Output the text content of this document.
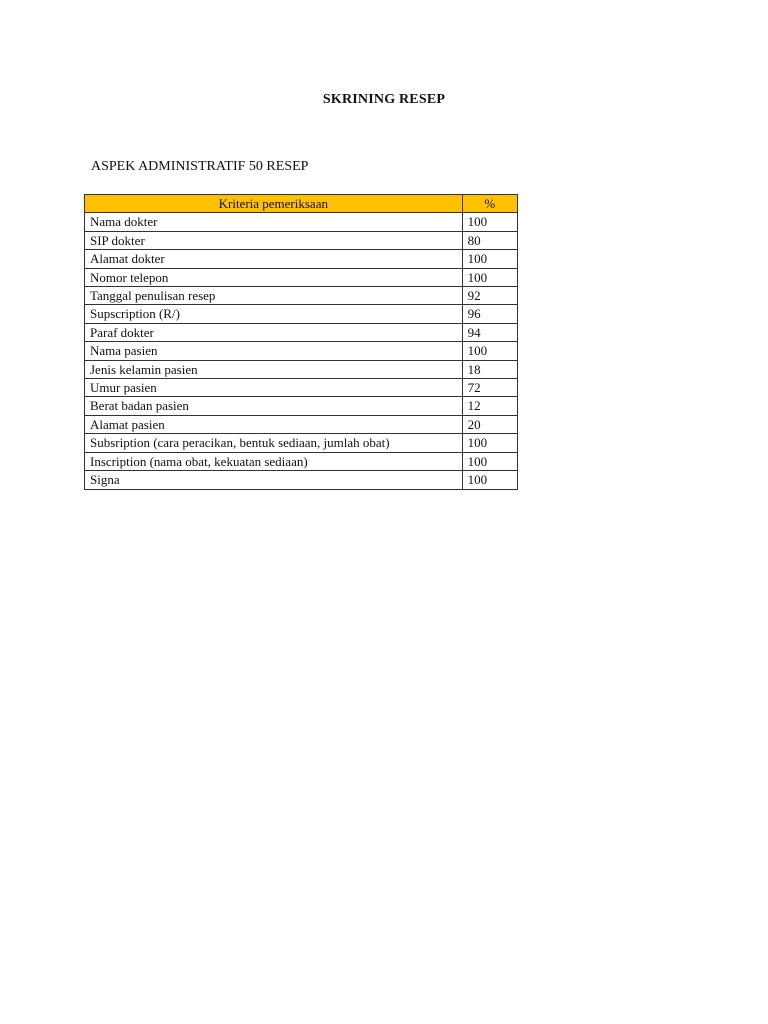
SKRINING RESEP
ASPEK ADMINISTRATIF 50 RESEP
Kriteria pemeriksaan	%
Nama dokter	100
SIP dokter	80
Alamat dokter	100
Nomor telepon	100
Tanggal penulisan resep	92
Supscription (R/)	96
Paraf dokter	94
Nama pasien	100
Jenis kelamin pasien	18
Umur pasien	72
Berat badan pasien	12
Alamat pasien	20
Subsription (cara peracikan, bentuk sediaan, jumlah obat)	100
Inscription (nama obat, kekuatan sediaan)	100
Signa	100
